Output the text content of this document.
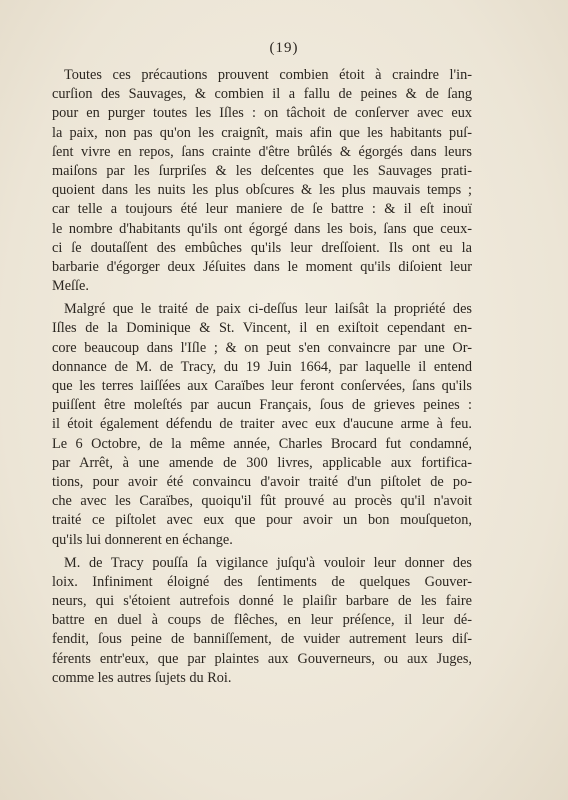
(19)
Toutes ces précautions prouvent combien étoit à craindre l'in-
curſion des Sauvages, & combien il a fallu de peines & de ſang
pour en purger toutes les Iſles : on tâchoit de conſerver avec eux
la paix, non pas qu'on les craignît, mais afin que les habitants puſ-
ſent vivre en repos, ſans crainte d'être brûlés & égorgés dans leurs
maiſons par les ſurpriſes & les deſcentes que les Sauvages prati-
quoient dans les nuits les plus obſcures & les plus mauvais temps ;
car telle a toujours été leur maniere de ſe battre : & il eſt inouï
le nombre d'habitants qu'ils ont égorgé dans les bois, ſans que ceux-
ci ſe doutaſſent des embûches qu'ils leur dreſſoient. Ils ont eu la
barbarie d'égorger deux Jéſuites dans le moment qu'ils diſoient leur
Meſſe.
Malgré que le traité de paix ci-deſſus leur laiſsât la propriété des
Iſles de la Dominique & St. Vincent, il en exiſtoit cependant en-
core beaucoup dans l'Iſle ; & on peut s'en convaincre par une Or-
donnance de M. de Tracy, du 19 Juin 1664, par laquelle il entend
que les terres laiſſées aux Caraïbes leur feront conſervées, ſans qu'ils
puiſſent être moleſtés par aucun Français, ſous de grieves peines :
il étoit également défendu de traiter avec eux d'aucune arme à feu.
Le 6 Octobre, de la même année, Charles Brocard fut condamné,
par Arrêt, à une amende de 300 livres, applicable aux fortifica-
tions, pour avoir été convaincu d'avoir traité d'un piſtolet de po-
che avec les Caraïbes, quoiqu'il fût prouvé au procès qu'il n'avoit
traité ce piſtolet avec eux que pour avoir un bon mouſqueton,
qu'ils lui donnerent en échange.
M. de Tracy pouſſa ſa vigilance juſqu'à vouloir leur donner des
loix. Infiniment éloigné des ſentiments de quelques Gouver-
neurs, qui s'étoient autrefois donné le plaiſir barbare de les faire
battre en duel à coups de flêches, en leur préſence, il leur dé-
fendit, ſous peine de banniſſement, de vuider autrement leurs diſ-
férents entr'eux, que par plaintes aux Gouverneurs, ou aux Juges,
comme les autres ſujets du Roi.
